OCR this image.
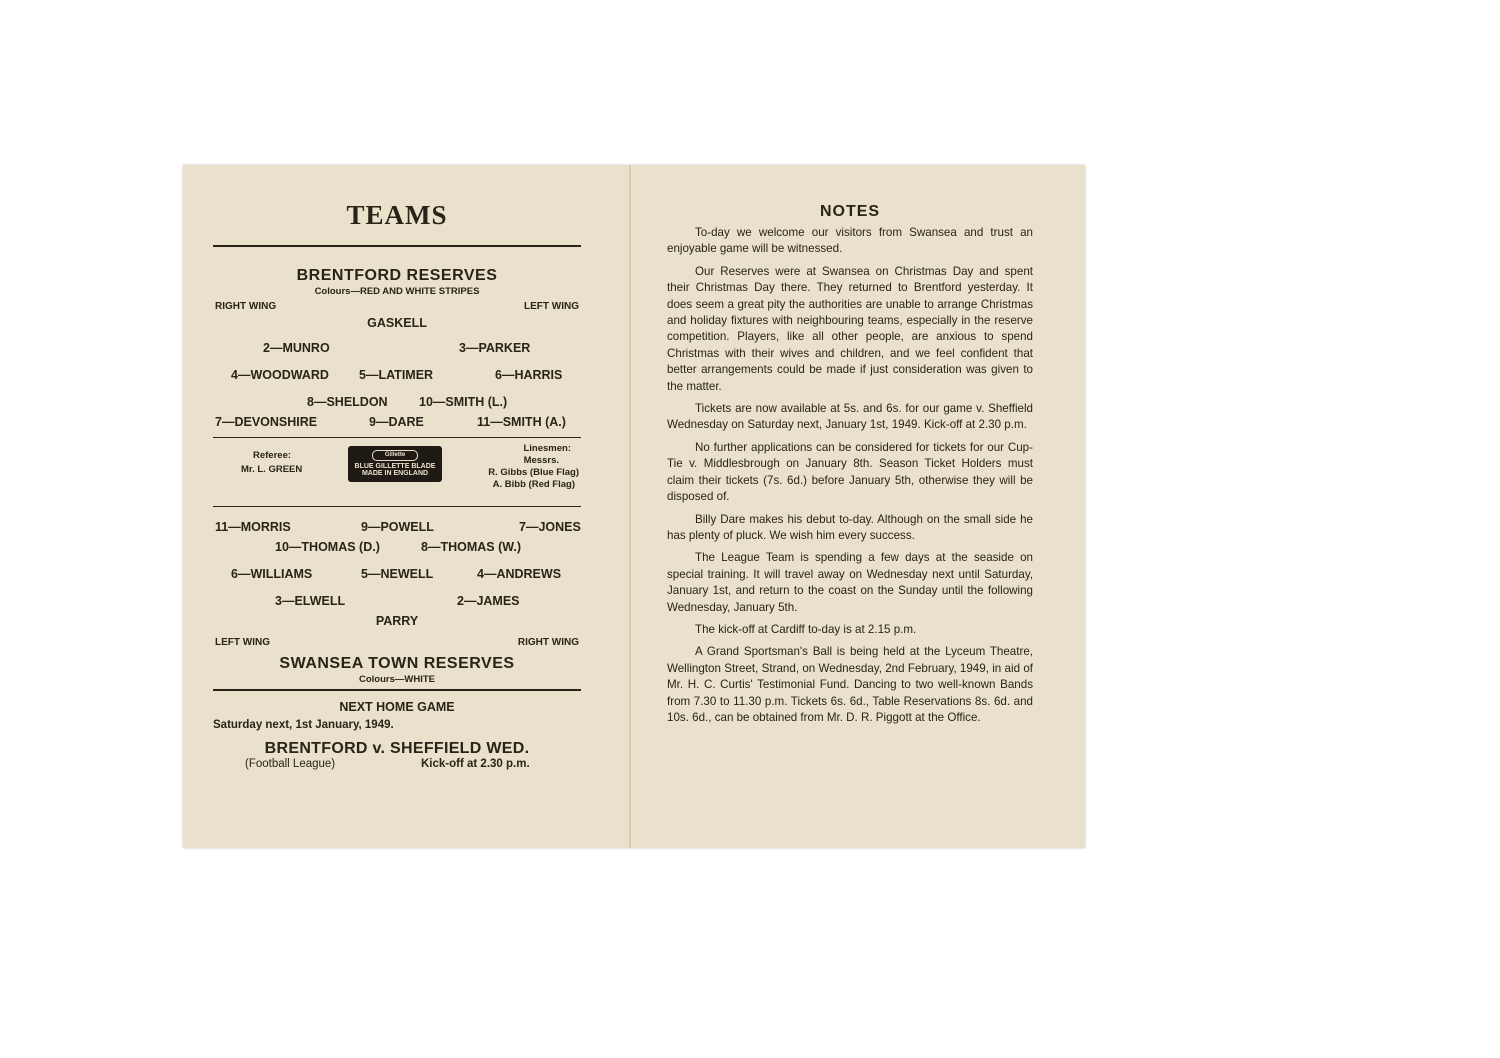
TEAMS
BRENTFORD RESERVES
Colours—RED AND WHITE STRIPES
RIGHT WING	LEFT WING
GASKELL
2—MUNRO	3—PARKER
4—WOODWARD 5—LATIMER	6—HARRIS
8—SHELDON	10—SMITH (L.)
7—DEVONSHIRE	9—DARE	11—SMITH (A.)
Referee:
Mr. L. GREEN
Gillette
BLUE GILLETTE BLADE
MADE IN ENGLAND
Linesmen:
Messrs.
R. Gibbs (Blue Flag)
A. Bibb (Red Flag)
11—MORRIS	9—POWELL	7—JONES
10—THOMAS (D.)	8—THOMAS (W.)
6—WILLIAMS	5—NEWELL	4—ANDREWS
3—ELWELL	2—JAMES
PARRY
LEFT WING	RIGHT WING
SWANSEA TOWN RESERVES
Colours—WHITE
NEXT HOME GAME
Saturday next, 1st January, 1949.
BRENTFORD v. SHEFFIELD WED.
(Football League)	Kick-off at 2.30 p.m.
NOTES

To-day we welcome our visitors from Swansea and trust an enjoyable game will be witnessed.

Our Reserves were at Swansea on Christmas Day and spent their Christmas Day there. They returned to Brentford yesterday. It does seem a great pity the authorities are unable to arrange Christmas and holiday fixtures with neighbouring teams, especially in the reserve competition. Players, like all other people, are anxious to spend Christmas with their wives and children, and we feel confident that better arrangements could be made if just consideration was given to the matter.

Tickets are now available at 5s. and 6s. for our game v. Sheffield Wednesday on Saturday next, January 1st, 1949. Kick-off at 2.30 p.m.

No further applications can be considered for tickets for our Cup-Tie v. Middlesbrough on January 8th. Season Ticket Holders must claim their tickets (7s. 6d.) before January 5th, otherwise they will be disposed of.

Billy Dare makes his debut to-day. Although on the small side he has plenty of pluck. We wish him every success.

The League Team is spending a few days at the seaside on special training. It will travel away on Wednesday next until Saturday, January 1st, and return to the coast on the Sunday until the following Wednesday, January 5th.

The kick-off at Cardiff to-day is at 2.15 p.m.

A Grand Sportsman's Ball is being held at the Lyceum Theatre, Wellington Street, Strand, on Wednesday, 2nd February, 1949, in aid of Mr. H. C. Curtis' Testimonial Fund. Dancing to two well-known Bands from 7.30 to 11.30 p.m. Tickets 6s. 6d., Table Reservations 8s. 6d. and 10s. 6d., can be obtained from Mr. D. R. Piggott at the Office.
